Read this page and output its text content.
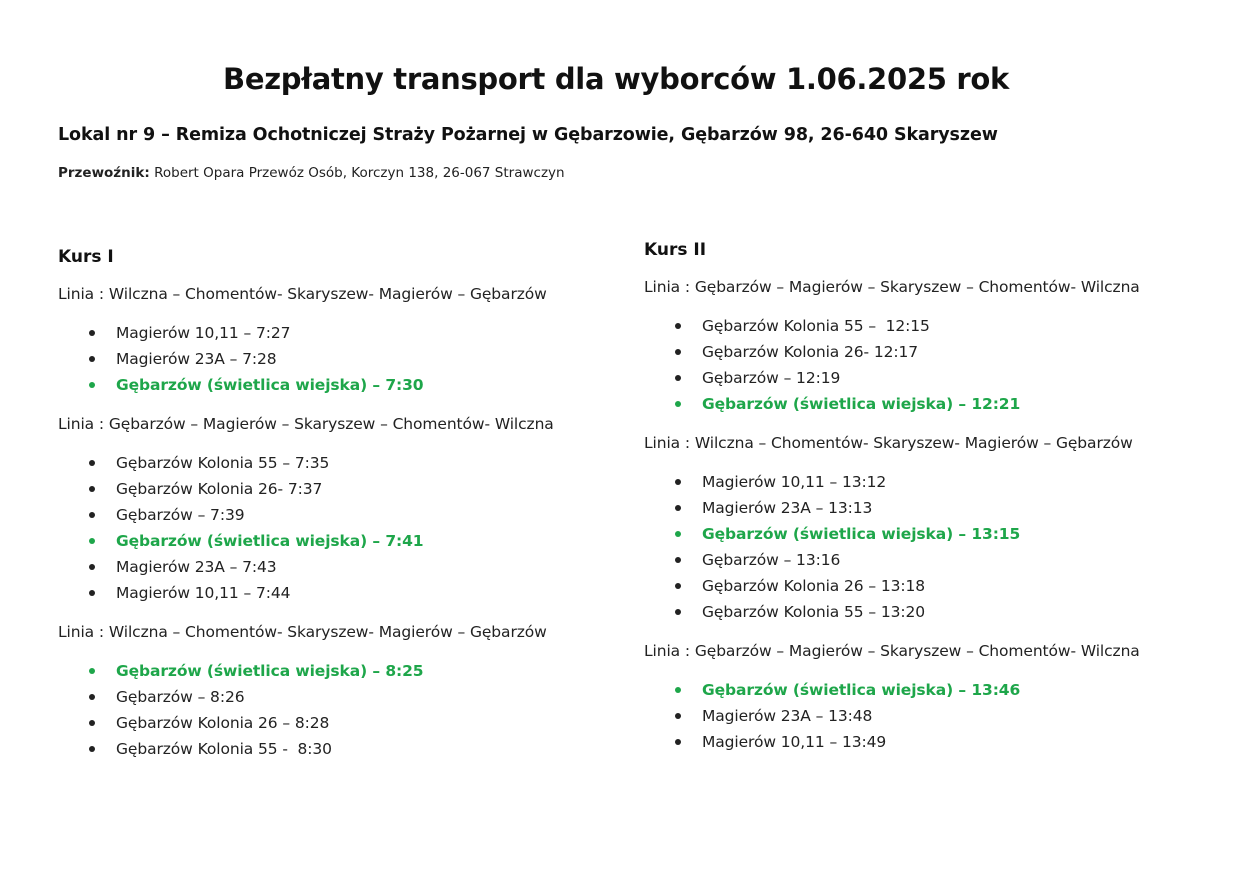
Bezpłatny transport dla wyborców 1.06.2025 rok
Lokal nr 9 – Remiza Ochotniczej Straży Pożarnej w Gębarzowie, Gębarzów 98, 26-640 Skaryszew
Przewoźnik: Robert Opara Przewóz Osób, Korczyn 138, 26-067 Strawczyn
Kurs I
Linia : Wilczna – Chomentów- Skaryszew- Magierów – Gębarzów
Magierów 10,11 – 7:27
Magierów 23A – 7:28
Gębarzów (świetlica wiejska) – 7:30
Linia : Gębarzów – Magierów – Skaryszew – Chomentów- Wilczna
Gębarzów Kolonia 55 – 7:35
Gębarzów Kolonia 26- 7:37
Gębarzów – 7:39
Gębarzów (świetlica wiejska) – 7:41
Magierów 23A – 7:43
Magierów 10,11 – 7:44
Linia : Wilczna – Chomentów- Skaryszew- Magierów – Gębarzów
Gębarzów (świetlica wiejska) – 8:25
Gębarzów – 8:26
Gębarzów Kolonia 26 – 8:28
Gębarzów Kolonia 55 -  8:30
Kurs II
Linia : Gębarzów – Magierów – Skaryszew – Chomentów- Wilczna
Gębarzów Kolonia 55 –  12:15
Gębarzów Kolonia 26- 12:17
Gębarzów – 12:19
Gębarzów (świetlica wiejska) – 12:21
Linia : Wilczna – Chomentów- Skaryszew- Magierów – Gębarzów
Magierów 10,11 – 13:12
Magierów 23A – 13:13
Gębarzów (świetlica wiejska) – 13:15
Gębarzów – 13:16
Gębarzów Kolonia 26 – 13:18
Gębarzów Kolonia 55 – 13:20
Linia : Gębarzów – Magierów – Skaryszew – Chomentów- Wilczna
Gębarzów (świetlica wiejska) – 13:46
Magierów 23A – 13:48
Magierów 10,11 – 13:49
